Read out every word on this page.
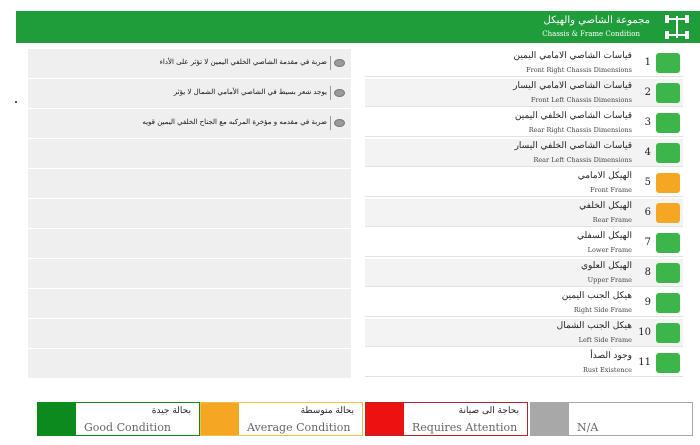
مجموعة الشاصي والهيكل
Chassis & Frame Condition
ضربة في مقدمة الشاصي الخلفي اليمين لا تؤثر على الأداء
يوجد شعر بسيط في الشاصي الأمامي الشمال لا يؤثر
ضربة في مقدمه و مؤخرة المركبه مع الجناح الخلفي اليمين قويه
قياسات الشاصي الامامي اليمين
Front Right Chassis Dimensions
1
قياسات الشاصي الامامي اليسار
Front Left Chassis Dimensions
2
قياسات الشاصي الخلفي اليمين
Rear Right Chassis Dimensions
3
قياسات الشاصي الخلفي اليسار
Rear Left Chassis Dimensions
4
الهيكل الامامي
Front Frame
5
الهيكل الخلفي
Rear Frame
6
الهيكل السفلي
Lower Frame
7
الهيكل العلوي
Upper Frame
8
هيكل الجنب اليمين
Right Side Frame
9
هيكل الجنب الشمال
Left Side Frame
10
وجود الصدأ
Rust Existence
11
بحالة جيدة
Good Condition
بحالة متوسطة
Average Condition
بحاجة الى صيانة
Requires Attention	N/A
